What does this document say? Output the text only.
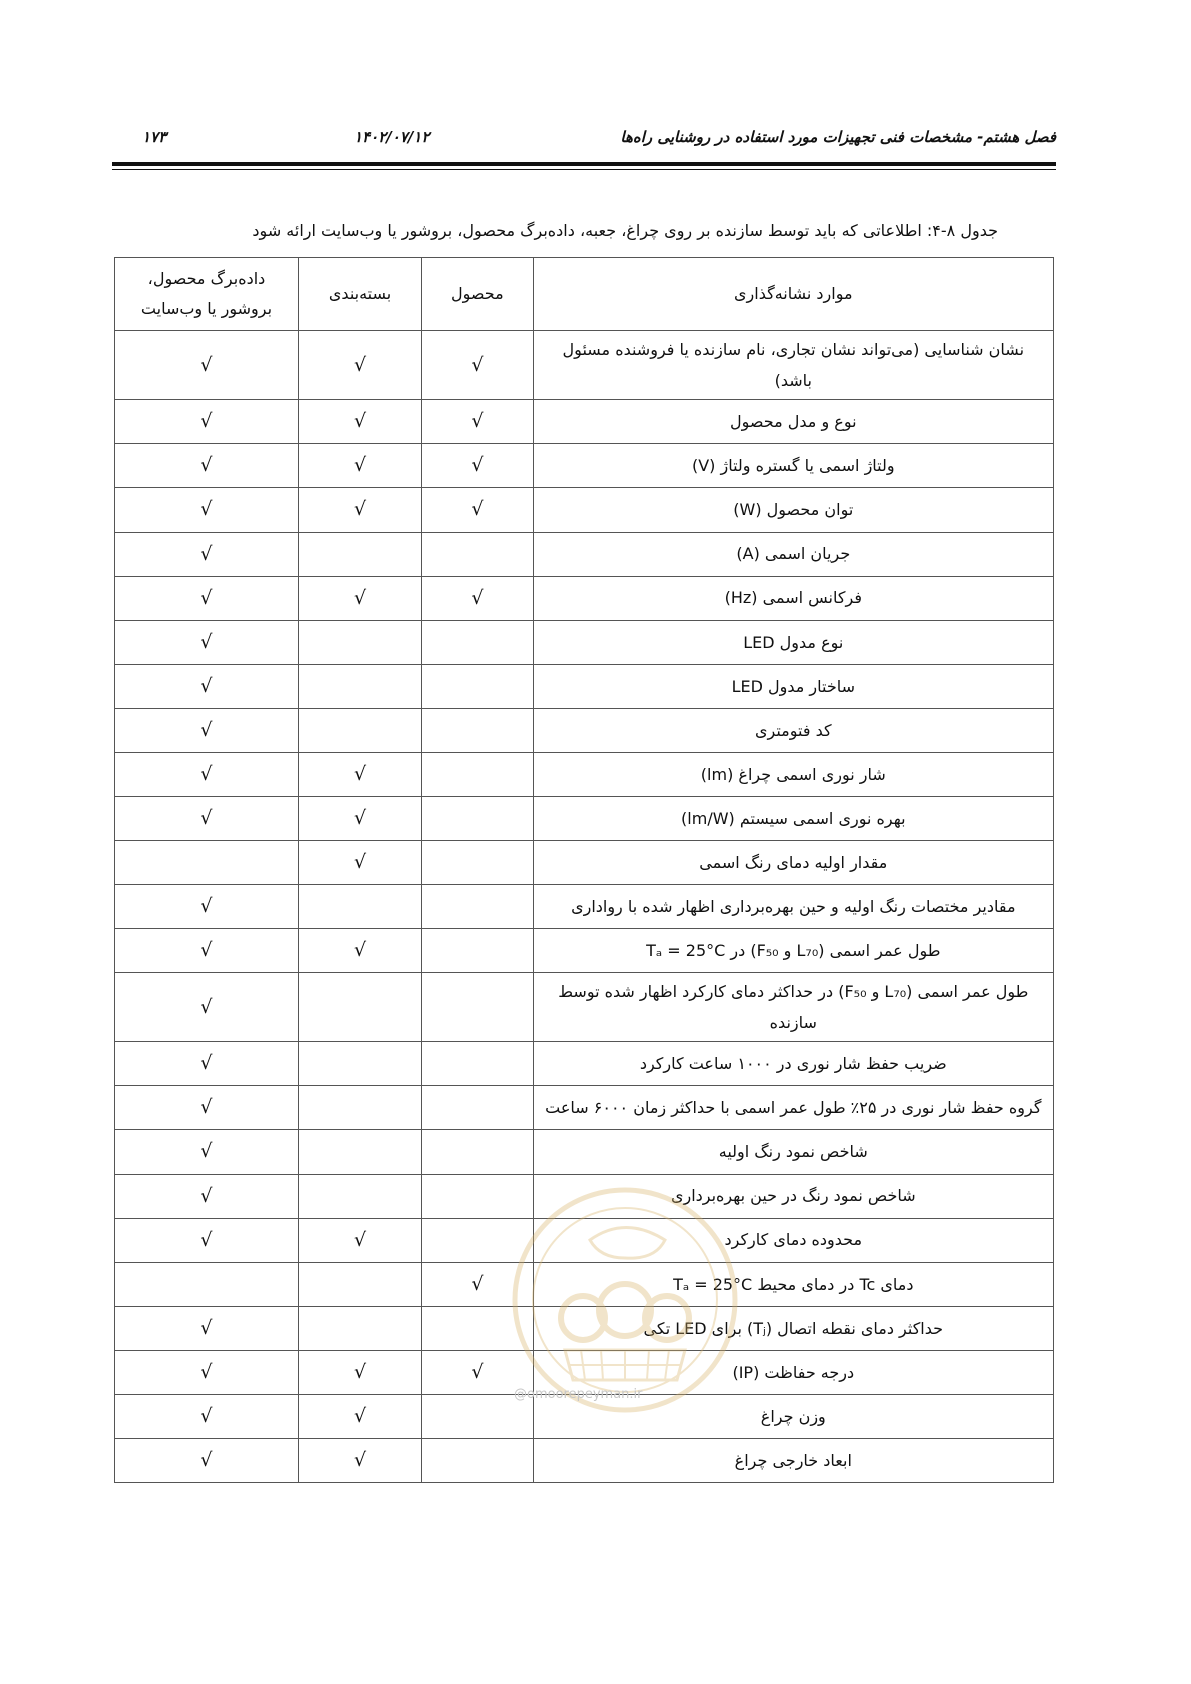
فصل هشتم- مشخصات فنی تجهیزات مورد استفاده در روشنایی راه‌ها
۱۴۰۲/۰۷/۱۲
۱۷۳
جدول ۸-۴: اطلاعاتی که باید توسط سازنده بر روی چراغ، جعبه، داده‌برگ محصول، بروشور یا وب‌سایت ارائه شود
موارد نشانه‌گذاری	محصول	بسته‌بندی	داده‌برگ محصول،
بروشور یا وب‌سایت
نشان شناسایی (می‌تواند نشان تجاری، نام سازنده یا فروشنده مسئول باشد)	√	√	√
نوع و مدل محصول	√	√	√
ولتاژ اسمی یا گستره ولتاژ (V)	√	√	√
توان محصول (W)	√	√	√
جریان اسمی (A)			√
فرکانس اسمی (Hz)	√	√	√
نوع مدول LED			√
ساختار مدول LED			√
کد فتومتری			√
شار نوری اسمی چراغ (lm)		√	√
بهره نوری اسمی سیستم (lm/W)		√	√
مقدار اولیه دمای رنگ اسمی		√	
مقادیر مختصات رنگ اولیه و حین بهره‌برداری اظهار شده با رواداری			√
طول عمر اسمی (L₇₀ و F₅₀) در Tₐ = 25°C		√	√
طول عمر اسمی (L₇₀ و F₅₀) در حداکثر دمای کارکرد اظهار شده توسط سازنده			√
ضریب حفظ شار نوری در ۱۰۰۰ ساعت کارکرد			√
گروه حفظ شار نوری در ۲۵٪ طول عمر اسمی با حداکثر زمان ۶۰۰۰ ساعت			√
شاخص نمود رنگ اولیه			√
شاخص نمود رنگ در حین بهره‌برداری			√
محدوده دمای کارکرد		√	√
دمای Tc در دمای محیط Tₐ = 25°C	√		
حداکثر دمای نقطه اتصال (Tⱼ) برای LED تکی			√
درجه حفاظت (IP)	√	√	√
وزن چراغ		√	√
ابعاد خارجی چراغ		√	√
@omoorepeyman.ir
